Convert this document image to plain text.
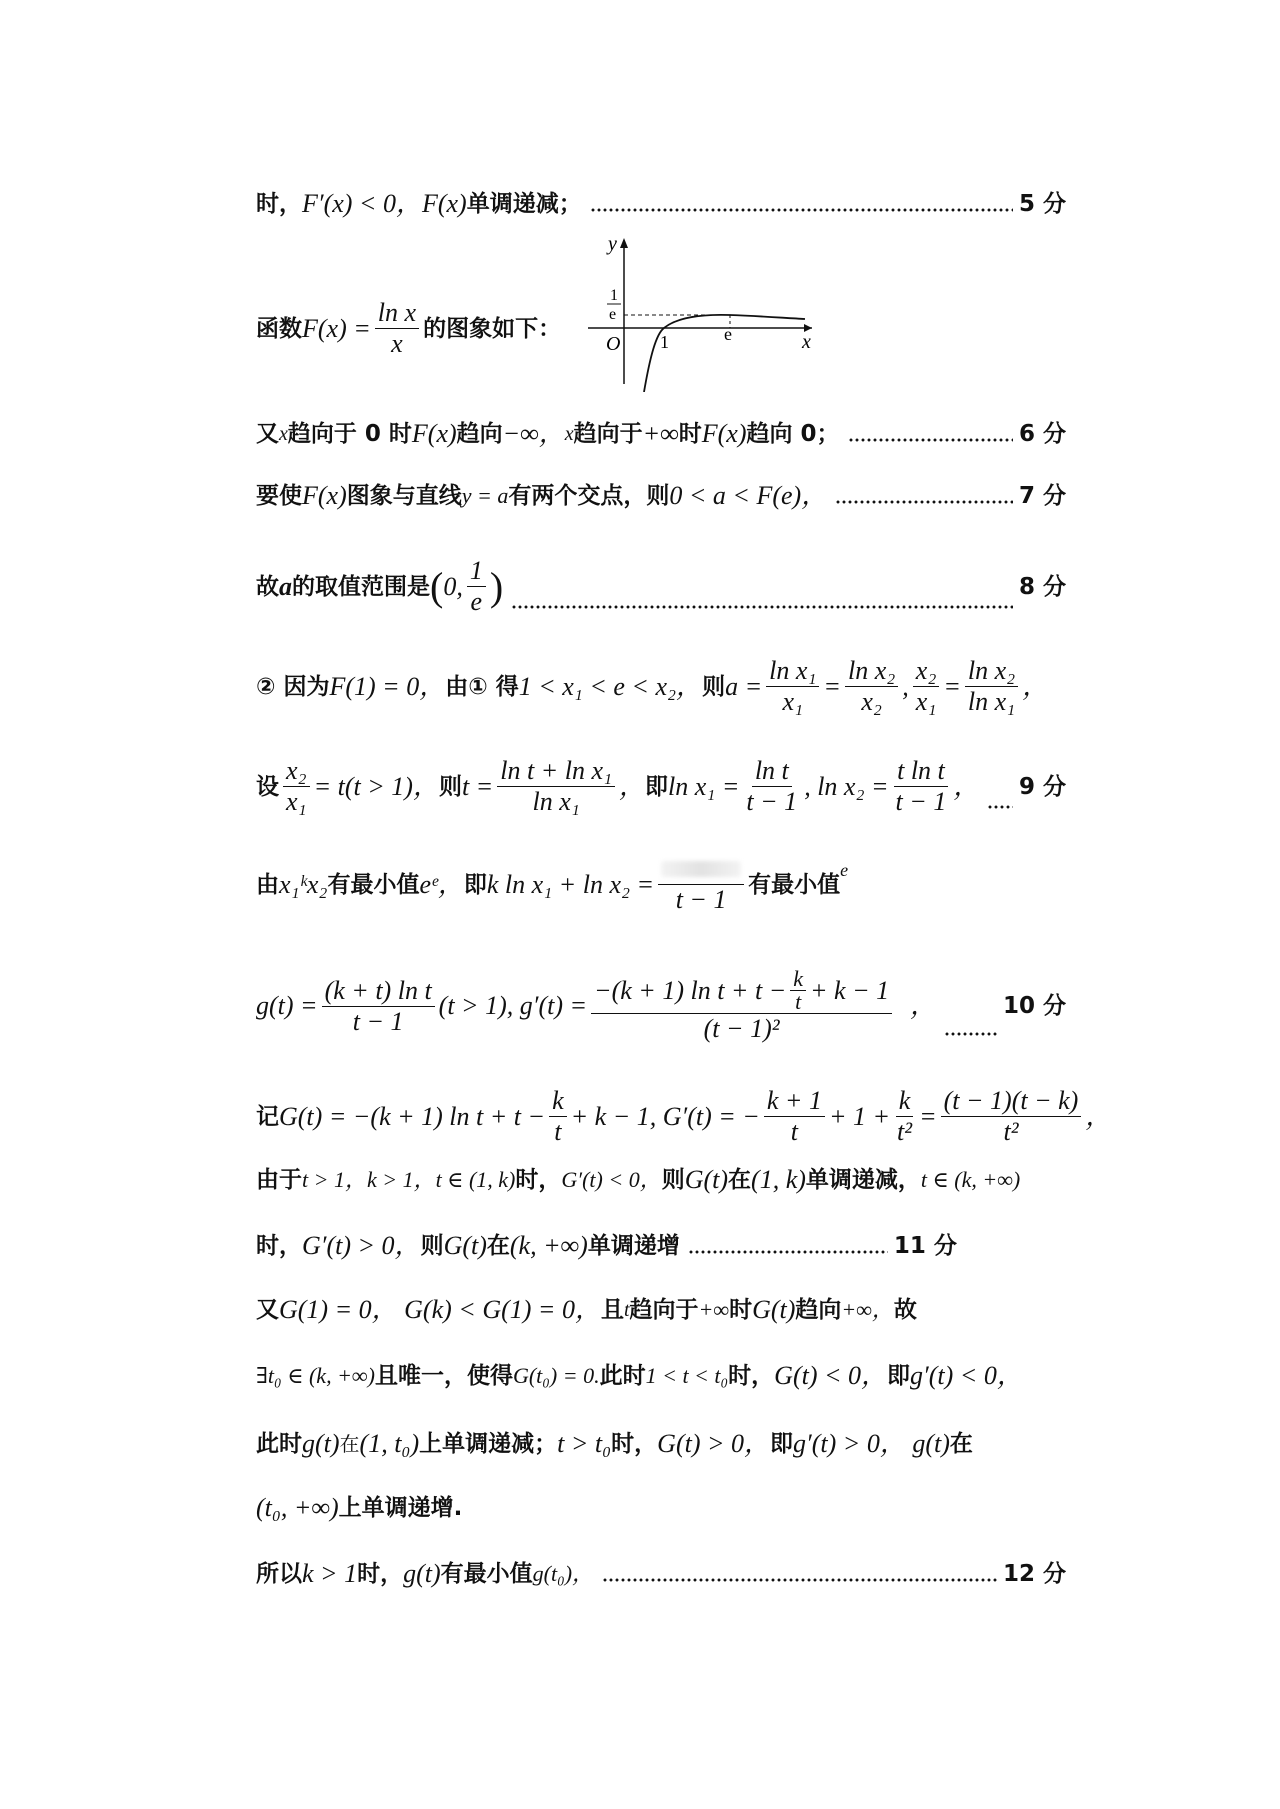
时， F′(x) < 0，F(x) 单调递减；	5 分
函数 $F(x) = \frac{\text{ln x}}{x}$ 的图象如下：
y
x
O 1	e
1
e
又 x 趋向于 0 时 F(x) 趋向 −∞， x 趋向于 +∞ 时 F(x) 趋向 0；	6 分
要使 F(x) 图象与直线 y = a 有两个交点，则 0 < a < F(e)，	7 分
故 a 的取值范围是 ( 0, $\frac{1}{e}$ )	8 分
② 因为 F(1) = 0， 由① 得 1 < x₁ < e < x₂， 则 $a = \frac{\text{ln x₁}}{\text{x₁}} = \frac{\text{ln x₂}}{\text{x₂}}$ , $\frac{\text{x₂}}{\text{x₁}} = \frac{\text{ln x₂}}{\text{ln x₁}}$ ，
设 $\frac{\text{x₂}}{\text{x₁}} = t(t > 1)$， 则 $t = \frac{\text{ln t + ln x₁}}{\text{ln x₁}}$ ， 即 $\ln x_1 = \frac{\text{ln t}}{t - 1}$ , $\ln x_2 = \frac{\text{t ln t}}{t - 1}$ ， 9 分
由 x₁ᵏx₂ 有最小值 eᵉ， 即 k ln x₁ + ln x₂ =
t − 1
有最小值
e
$g(t) = \frac{\text{(k + t) ln t}}{t - 1} (t > 1)$, $g'(t) = \frac{-(k + 1) \ln t + t - \frac{k}{t} + k - 1}{\text{(t − 1)²}}$ ，	10 分
记 G(t) = −(k + 1) $\ln t + t - \frac{k}{t} + k - 1$, G′(t) = − $\frac{k + 1}{t} + 1 + \frac{k}{\text{t²}} = \frac{(t - 1)(t - k)}{\text{t²}}$ ，
由于 t > 1，k > 1，t ∈ (1, k) 时， G′(t) < 0， 则 G(t) 在 (1, k) 单调递减， t ∈ (k, +∞)
时， G′(t) > 0， 则 G(t) 在 (k, +∞) 单调递增	11 分
又 G(1) = 0， G(k) < G(1) = 0， 且 t 趋向于 +∞ 时 G(t) 趋向 +∞， 故
∃t₀ ∈ (k, +∞) 且唯一，使得 G(t₀) = 0. 此时 1 < t < t₀ 时， G(t) < 0， 即 g′(t) < 0，
此时 g(t) 在 (1, t₀) 上单调递减； t > t₀ 时， G(t) > 0， 即 g′(t) > 0， g(t) 在
(t₀, +∞) 上单调递增.
所以 k > 1 时， g(t) 有最小值 g(t₀)，	12 分
